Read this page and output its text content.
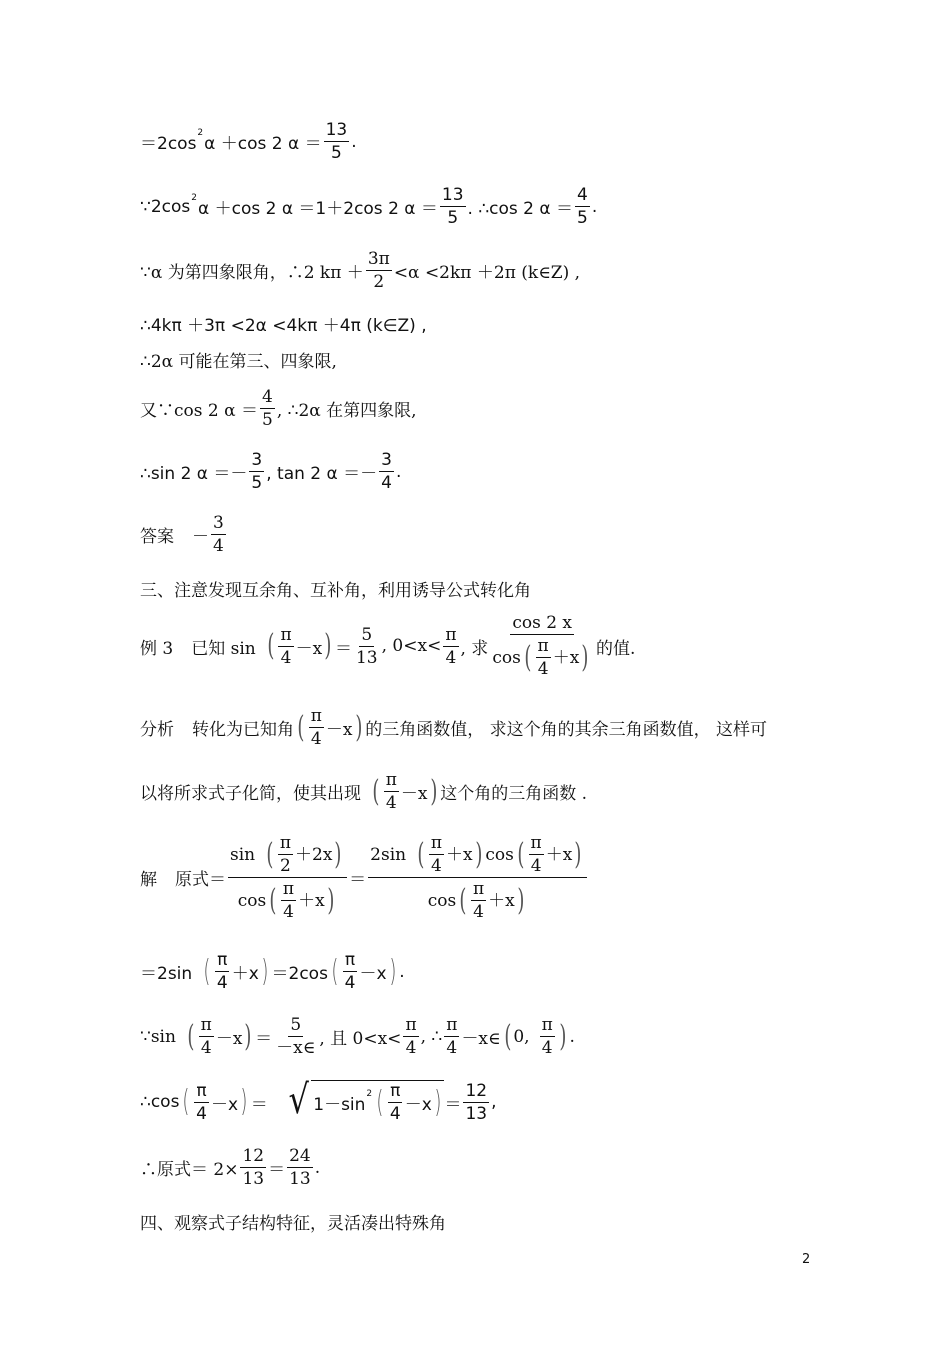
＝2cos
2
α ＋cos 2 $\alpha = \frac{13}{5}$ .
∵2cos 2
α ＋cos 2 α ＝1＋2cos 2 $\alpha = \frac{13}{5}$ . ∴cos 2 $\alpha = \frac{4}{5}$ .
∵α 为第四象限角，∴2 $k\pi + \frac{3\pi}{2} <\alpha <2k\pi +2\pi$ (k∈Z) ,
∴4kπ ＋3π <2α <4kπ ＋4π (k∈Z) ,
∴2α 可能在第三、四象限,
又∵cos 2 $\alpha = \frac{4}{5}$ , ∴2α 在第四象限,
∴sin 2 $\alpha =- \frac{3}{5}$ , tan 2 $\alpha =- \frac{3}{4}$ .
答案 － $\frac{3}{4}$
三、注意发现互余角、互补角，利用诱导公式转化角
例 3 已知 sin ( $\frac{\pi}{4} -x$ ) ＝ $\frac{5}{13}$ , $0<x< \frac{\pi}{4}$ , 求 $\frac{\cos 2 x}{\cos ( \frac{\pi}{4} +x )}$ 的值.
分析 转化为已知角 ( $\frac{\pi}{4} -x$ ) 的三角函数值， 求这个角的其余三角函数值， 这样可
以将所求式子化简，使其出现 ( $\frac{\pi}{4} -x$ ) 这个角的三角函数 .
解 原式＝ $\frac{\sin ( \frac{\pi}{2} +2x )}{\cos ( \frac{\pi}{4} +x )} = \frac{2\sin ( \frac{\pi}{4} +x ) \cos ( \frac{\pi}{4} +x )}{\cos ( \frac{\pi}{4} +x )}$
＝2sin ( $\frac{\pi}{4} +x$ ) ＝2cos ( $\frac{\pi}{4} -x$ ) .
∵sin ( $\frac{\pi}{4} -x$ ) ＝ $\frac{5}{-x\in}$ , 且 $0<x< \frac{\pi}{4}$ , ∴ $\frac{\pi}{4}$ －x∈ ( 0, $\frac{\pi}{4}$ ) .
∴cos ( $\frac{\pi}{4} -x$ ) ＝ √ 1－sin
2 ( $\frac{\pi}{4} -x$ ) ＝ $\frac{12}{13}$ ,
∴原式＝ $2\times \frac{12}{13} = \frac{24}{13}$ .
四、观察式子结构特征，灵活凑出特殊角
2
